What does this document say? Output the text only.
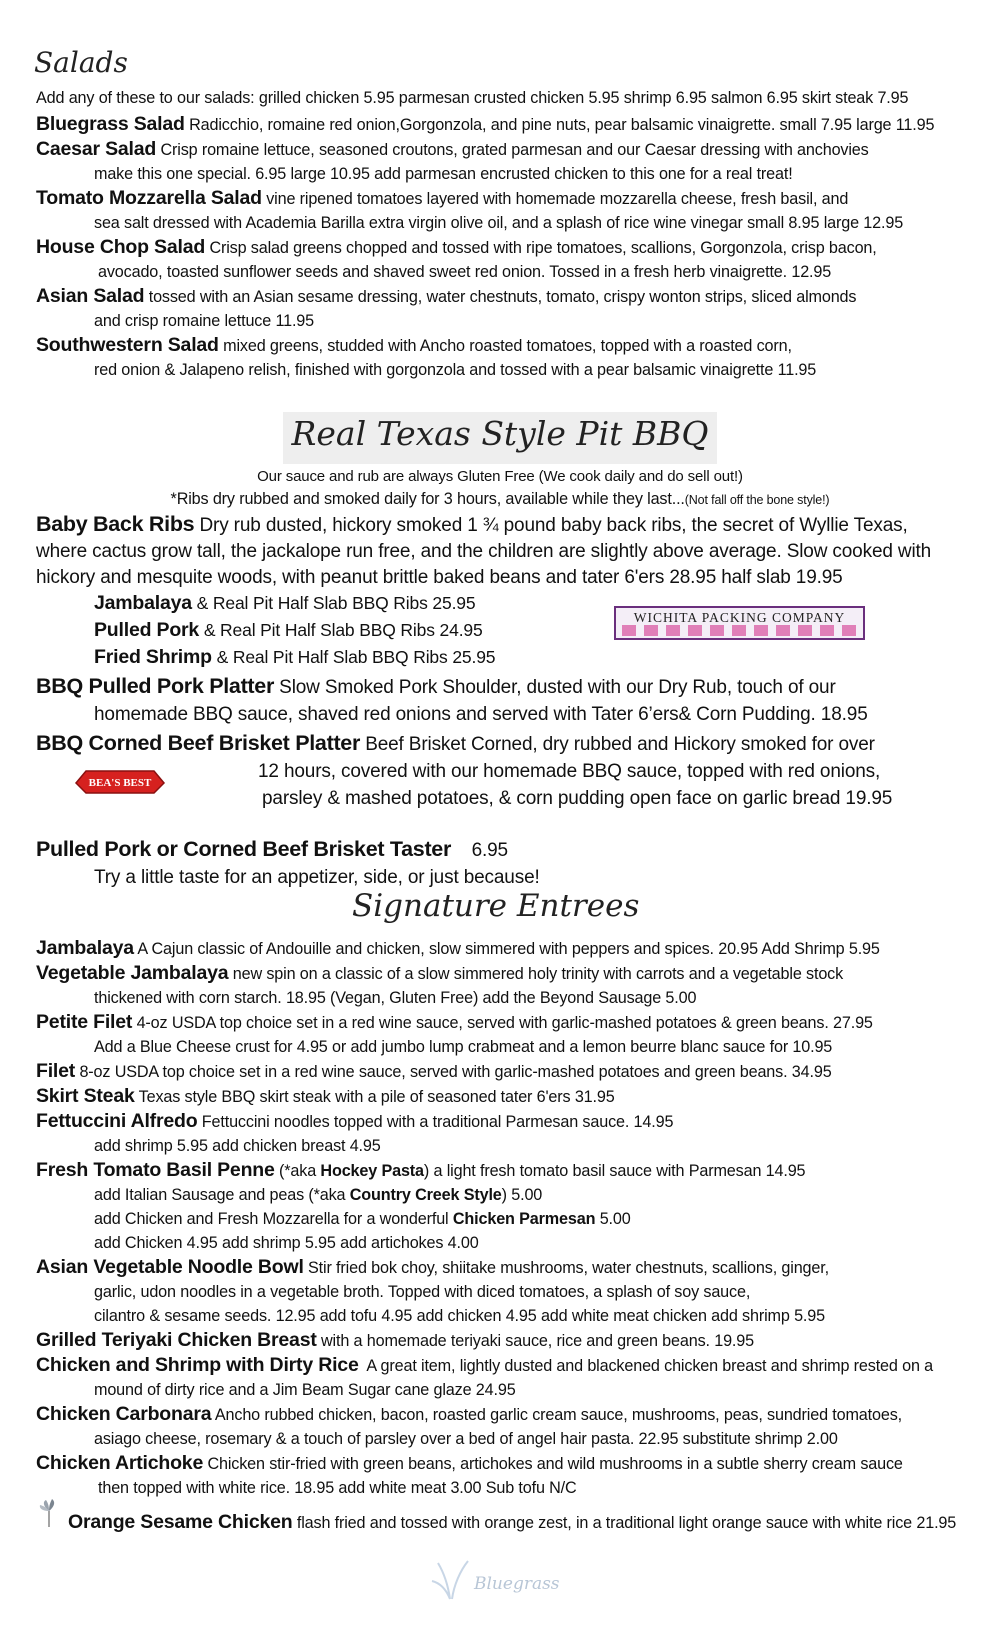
Salads
Add any of these to our salads: grilled chicken 5.95 parmesan crusted chicken 5.95 shrimp 6.95 salmon 6.95 skirt steak 7.95
Bluegrass Salad Radicchio, romaine red onion,Gorgonzola, and pine nuts, pear balsamic vinaigrette. small 7.95 large 11.95
Caesar Salad Crisp romaine lettuce, seasoned croutons, grated parmesan and our Caesar dressing with anchovies
make this one special. 6.95 large 10.95 add parmesan encrusted chicken to this one for a real treat!
Tomato Mozzarella Salad vine ripened tomatoes layered with homemade mozzarella cheese, fresh basil, and
sea salt dressed with Academia Barilla extra virgin olive oil, and a splash of rice wine vinegar small 8.95 large 12.95
House Chop Salad Crisp salad greens chopped and tossed with ripe tomatoes, scallions, Gorgonzola, crisp bacon,
avocado, toasted sunflower seeds and shaved sweet red onion. Tossed in a fresh herb vinaigrette. 12.95
Asian Salad tossed with an Asian sesame dressing, water chestnuts, tomato, crispy wonton strips, sliced almonds
and crisp romaine lettuce 11.95
Southwestern Salad mixed greens, studded with Ancho roasted tomatoes, topped with a roasted corn,
red onion & Jalapeno relish, finished with gorgonzola and tossed with a pear balsamic vinaigrette 11.95
Real Texas Style Pit BBQ
Our sauce and rub are always Gluten Free (We cook daily and do sell out!)
*Ribs dry rubbed and smoked daily for 3 hours, available while they last...(Not fall off the bone style!)
Baby Back Ribs Dry rub dusted, hickory smoked 1 ¾ pound baby back ribs, the secret of Wyllie Texas,
where cactus grow tall, the jackalope run free, and the children are slightly above average. Slow cooked with
hickory and mesquite woods, with peanut brittle baked beans and tater 6'ers 28.95 half slab 19.95
Jambalaya & Real Pit Half Slab BBQ Ribs 25.95
Pulled Pork & Real Pit Half Slab BBQ Ribs 24.95
Fried Shrimp & Real Pit Half Slab BBQ Ribs 25.95
WICHITA PACKING COMPANY
BBQ Pulled Pork Platter Slow Smoked Pork Shoulder, dusted with our Dry Rub, touch of our
homemade BBQ sauce, shaved red onions and served with Tater 6’ers& Corn Pudding. 18.95
BBQ Corned Beef Brisket Platter Beef Brisket Corned, dry rubbed and Hickory smoked for over
12 hours, covered with our homemade BBQ sauce, topped with red onions,
parsley & mashed potatoes, & corn pudding open face on garlic bread 19.95
BEA'S BEST
Pulled Pork or Corned Beef Brisket Taster 6.95
Try a little taste for an appetizer, side, or just because!
Signature Entrees
Jambalaya A Cajun classic of Andouille and chicken, slow simmered with peppers and spices. 20.95 Add Shrimp 5.95
Vegetable Jambalaya new spin on a classic of a slow simmered holy trinity with carrots and a vegetable stock
thickened with corn starch. 18.95 (Vegan, Gluten Free) add the Beyond Sausage 5.00
Petite Filet 4-oz USDA top choice set in a red wine sauce, served with garlic-mashed potatoes & green beans. 27.95
Add a Blue Cheese crust for 4.95 or add jumbo lump crabmeat and a lemon beurre blanc sauce for 10.95
Filet 8-oz USDA top choice set in a red wine sauce, served with garlic-mashed potatoes and green beans. 34.95
Skirt Steak Texas style BBQ skirt steak with a pile of seasoned tater 6'ers 31.95
Fettuccini Alfredo Fettuccini noodles topped with a traditional Parmesan sauce. 14.95
add shrimp 5.95 add chicken breast 4.95
Fresh Tomato Basil Penne (*aka Hockey Pasta) a light fresh tomato basil sauce with Parmesan 14.95
add Italian Sausage and peas (*aka Country Creek Style) 5.00
add Chicken and Fresh Mozzarella for a wonderful Chicken Parmesan 5.00
add Chicken 4.95 add shrimp 5.95 add artichokes 4.00
Asian Vegetable Noodle Bowl Stir fried bok choy, shiitake mushrooms, water chestnuts, scallions, ginger,
garlic, udon noodles in a vegetable broth. Topped with diced tomatoes, a splash of soy sauce,
cilantro & sesame seeds. 12.95 add tofu 4.95 add chicken 4.95 add white meat chicken add shrimp 5.95
Grilled Teriyaki Chicken Breast with a homemade teriyaki sauce, rice and green beans. 19.95
Chicken and Shrimp with Dirty Rice A great item, lightly dusted and blackened chicken breast and shrimp rested on a
mound of dirty rice and a Jim Beam Sugar cane glaze 24.95
Chicken Carbonara Ancho rubbed chicken, bacon, roasted garlic cream sauce, mushrooms, peas, sundried tomatoes,
asiago cheese, rosemary & a touch of parsley over a bed of angel hair pasta. 22.95 substitute shrimp 2.00
Chicken Artichoke Chicken stir-fried with green beans, artichokes and wild mushrooms in a subtle sherry cream sauce
then topped with white rice. 18.95 add white meat 3.00 Sub tofu N/C
Orange Sesame Chicken flash fried and tossed with orange zest, in a traditional light orange sauce with white rice 21.95
Bluegrass
